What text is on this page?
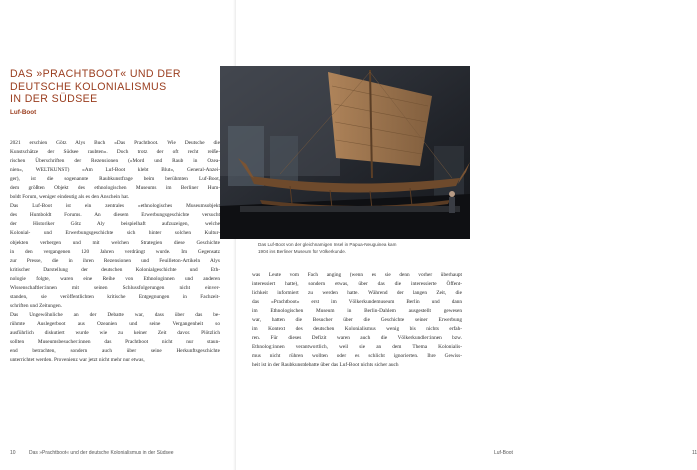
DAS »PRACHTBOOT« UND DER
DEUTSCHE KOLONIALISMUS
IN DER SÜDSEE
Luf-Boot
2021 erschien Götz Alys Buch »Das Prachtboot. Wie Deutsche die
Kunstschätze der Südsee raubten«. Doch trotz der oft recht reiße-
rischen Überschriften der Rezensionen (»Mord und Raub in Ozea-
nien«, WELTKUNST) »Am Luf-Boot klebt Blut«, General-Anzei-
ger), ist die sogenannte Raubkunstfrage beim berühmten Luf-Boot,
dem größten Objekt des ethnologischen Museums im Berliner Hum-
boldt Forum, weniger eindeutig als es den Anschein hat.
Das Luf-Boot ist ein zentrales »ethnologisches Museumsobjekt
des Humboldt Forums. An diesem Erwerbungsgeschichte versucht
der Historiker Götz Aly beispielhaft aufzuzeigen, welche
Kolonial- und Erwerbungsgeschichte sich hinter solchen Kultur-
objekten verbergen und mit welchen Strategien diese Geschichte
in den vergangenen 120 Jahren verdrängt wurde. Im Gegensatz
zur Presse, die in ihren Rezensionen und Feuilleton-Artikeln Alys
kritischer Darstellung der deutschen Kolonialgeschichte und Eth-
nologie folgte, waren eine Reihe von Ethnologinnen und anderen
Wissenschaftler:innen mit seinen Schlussfolgerungen nicht einver-
standen, sie veröffentlichten kritische Entgegnungen in Fachzeit-
schriften und Zeitungen.
Das Ungewöhnliche an der Debatte war, dass über das be-
rühmte Auslegerboot aus Ozeanien und seine Vergangenheit so
ausführlich diskutiert wurde wie zu keiner Zeit davor. Plötzlich
sollten Museumsbesucher:innen das Prachtboot nicht nur staun-
end betrachten, sondern auch über seine Herkunftsgeschichte
unterrichtet werden. Provenienz war jetzt nicht mehr nur etwas,
10	Das »Prachtboot« und der deutsche Kolonialismus in der Südsee
was Leute vom Fach anging (wenn es sie denn vorher überhaupt
interessiert hatte), sondern etwas, über das die interessierte Öffent-
lichkeit informiert zu werden hatte. Während der langen Zeit, die
das »Prachtboot« erst im Völkerkundemuseum Berlin und dann
im Ethnologischen Museum in Berlin-Dahlem ausgestellt gewesen
war, hatten die Besucher über die Geschichte seiner Erwerbung
im Kontext des deutschen Kolonialismus wenig bis nichts erfah-
ren. Für dieses Defizit waren auch die Völkerkundler:innen bzw.
Ethnolog:innen verantwortlich, weil sie an dem Thema Kolonialis-
mus nicht rühren wollten oder es schlicht ignorierten. Ihre Gewiss-
heit ist in der Raubkunstdebatte über das Luf-Boot nichts sicher auch
Luf-Boot	11
Das Luf-Boot von der gleichnamigen Insel in Papua-Neuguinea kam
1904 ins Berliner Museum für Völkerkunde.
